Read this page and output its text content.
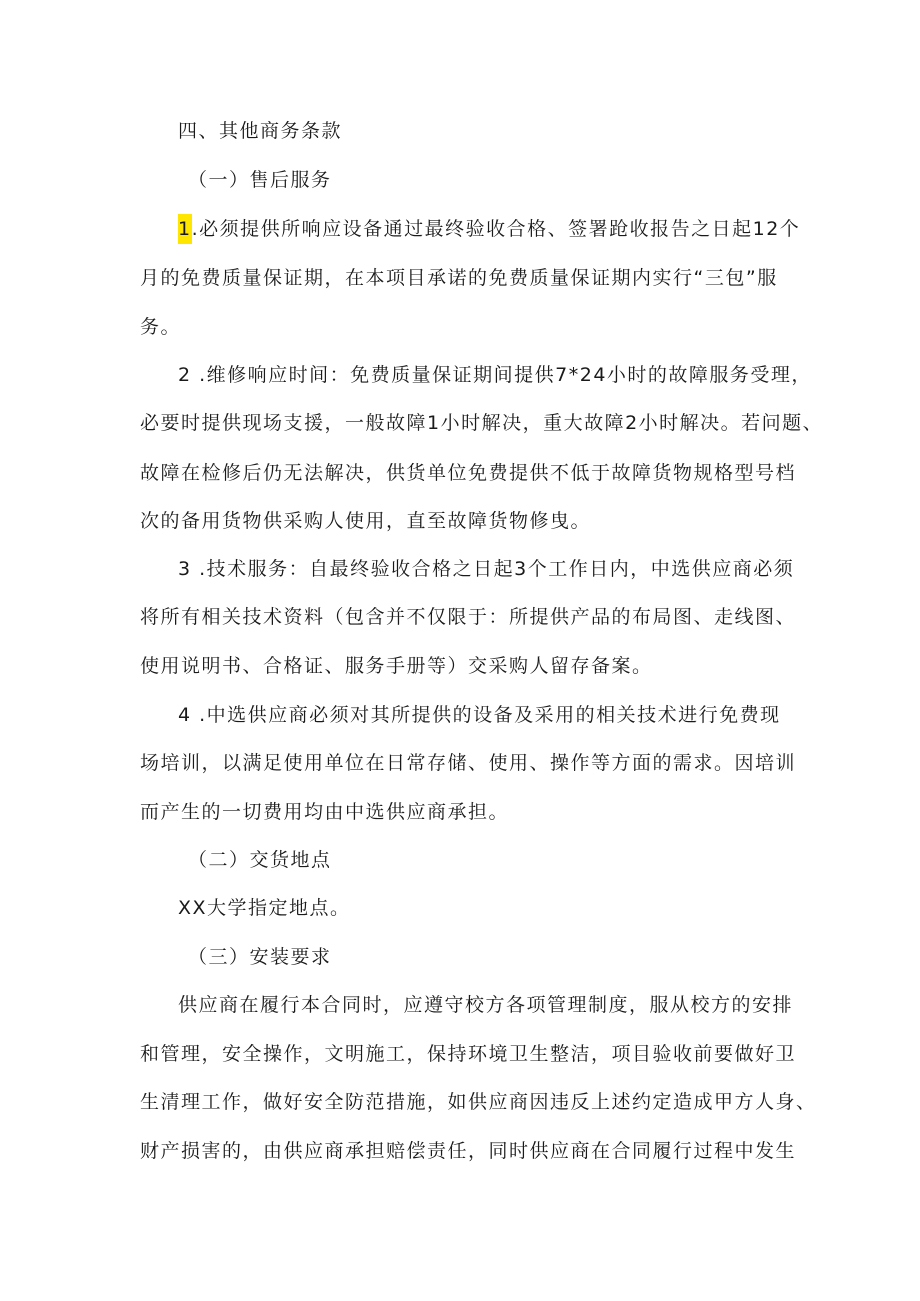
四、其他商务条款
（一）售后服务
1.必须提供所响应设备通过最终验收合格、签署跄收报告之日起12个
月的免费质量保证期，在本项目承诺的免费质量保证期内实行“三包”服
务。
2 .维修响应时间：免费质量保证期间提供7*24小时的故障服务受理，
必要时提供现场支援，一般故障1小时解决，重大故障2小时解决。若问题、
故障在检修后仍无法解决，供货单位免费提供不低于故障货物规格型号档
次的备用货物供采购人使用，直至故障货物修曳。
3 .技术服务：自最终验收合格之日起3个工作日内，中选供应商必须
将所有相关技术资料（包含并不仅限于：所提供产品的布局图、走线图、
使用说明书、合格证、服务手册等）交采购人留存备案。
4 .中选供应商必须对其所提供的设备及采用的相关技术进行免费现
场培训，以满足使用单位在日常存储、使用、操作等方面的需求。因培训
而产生的一切费用均由中选供应商承担。
（二）交货地点
XX大学指定地点。
（三）安装要求
供应商在履行本合同时，应遵守校方各项管理制度，服从校方的安排
和管理，安全操作，文明施工，保持环境卫生整洁，项目验收前要做好卫
生清理工作，做好安全防范措施，如供应商因违反上述约定造成甲方人身、
财产损害的，由供应商承担赔偿责任，同时供应商在合同履行过程中发生
